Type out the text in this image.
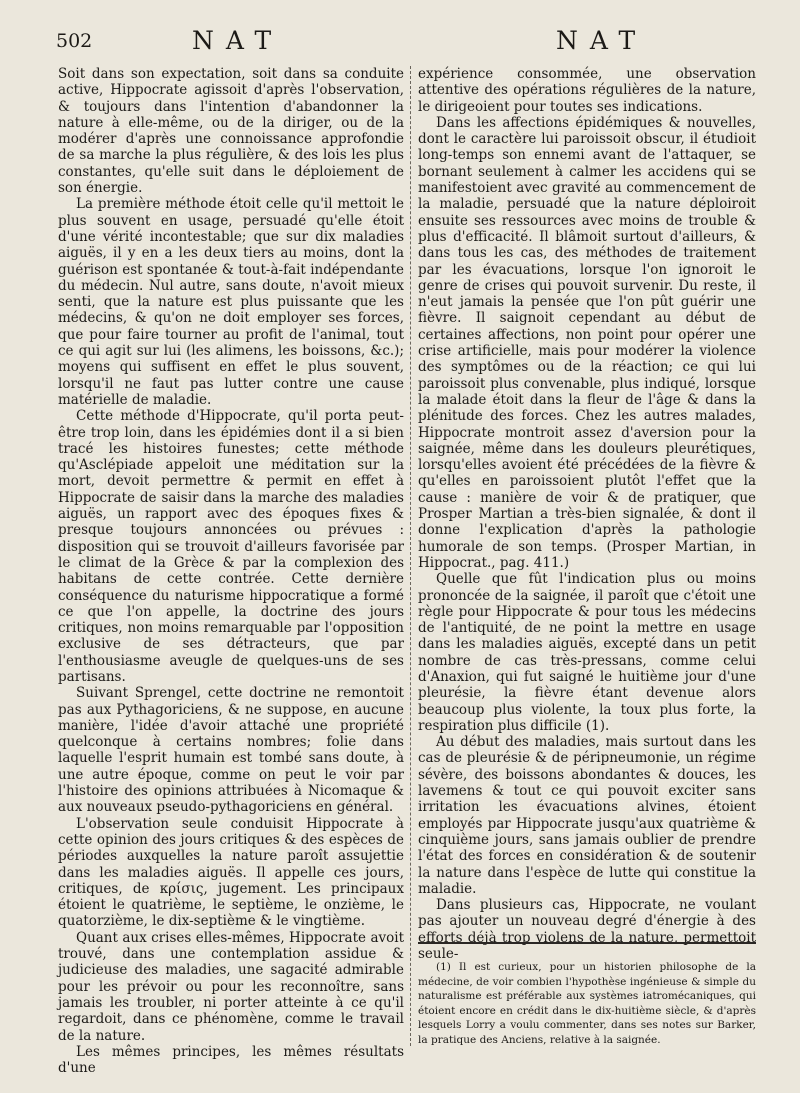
502	NAT	NAT

Soit dans son expectation, soit dans sa conduite active, Hippocrate agissoit d'après l'observation, & toujours dans l'intention d'abandonner la nature à elle-même, ou de la diriger, ou de la modérer d'après une connoissance approfondie de sa marche la plus régulière, & des lois les plus constantes, qu'elle suit dans le déploiement de son énergie.

La première méthode étoit celle qu'il mettoit le plus souvent en usage, persuadé qu'elle étoit d'une vérité incontestable; que sur dix maladies aiguës, il y en a les deux tiers au moins, dont la guérison est spontanée & tout-à-fait indépendante du médecin. Nul autre, sans doute, n'avoit mieux senti, que la nature est plus puissante que les médecins, & qu'on ne doit employer ses forces, que pour faire tourner au profit de l'animal, tout ce qui agit sur lui (les alimens, les boissons, &c.); moyens qui suffisent en effet le plus souvent, lorsqu'il ne faut pas lutter contre une cause matérielle de maladie.

Cette méthode d'Hippocrate, qu'il porta peut-être trop loin, dans les épidémies dont il a si bien tracé les histoires funestes; cette méthode qu'Asclépiade appeloit une méditation sur la mort, devoit permettre & permit en effet à Hippocrate de saisir dans la marche des maladies aiguës, un rapport avec des époques fixes & presque toujours annoncées ou prévues : disposition qui se trouvoit d'ailleurs favorisée par le climat de la Grèce & par la complexion des habitans de cette contrée. Cette dernière conséquence du naturisme hippocratique a formé ce que l'on appelle, la doctrine des jours critiques, non moins remarquable par l'opposition exclusive de ses détracteurs, que par l'enthousiasme aveugle de quelques-uns de ses partisans.

Suivant Sprengel, cette doctrine ne remontoit pas aux Pythagoriciens, & ne suppose, en aucune manière, l'idée d'avoir attaché une propriété quelconque à certains nombres; folie dans laquelle l'esprit humain est tombé sans doute, à une autre époque, comme on peut le voir par l'histoire des opinions attribuées à Nicomaque & aux nouveaux pseudo-pythagoriciens en général.

L'observation seule conduisit Hippocrate à cette opinion des jours critiques & des espèces de périodes auxquelles la nature paroît assujettie dans les maladies aiguës. Il appelle ces jours, critiques, de κρίσις, jugement. Les principaux étoient le quatrième, le septième, le onzième, le quatorzième, le dix-septième & le vingtième.

Quant aux crises elles-mêmes, Hippocrate avoit trouvé, dans une contemplation assidue & judicieuse des maladies, une sagacité admirable pour les prévoir ou pour les reconnoître, sans jamais les troubler, ni porter atteinte à ce qu'il regardoit, dans ce phénomène, comme le travail de la nature.

Les mêmes principes, les mêmes résultats d'une

expérience consommée, une observation attentive des opérations régulières de la nature, le dirigeoient pour toutes ses indications.

Dans les affections épidémiques & nouvelles, dont le caractère lui paroissoit obscur, il étudioit long-temps son ennemi avant de l'attaquer, se bornant seulement à calmer les accidens qui se manifestoient avec gravité au commencement de la maladie, persuadé que la nature déploiroit ensuite ses ressources avec moins de trouble & plus d'efficacité. Il blâmoit surtout d'ailleurs, & dans tous les cas, des méthodes de traitement par les évacuations, lorsque l'on ignoroit le genre de crises qui pouvoit survenir. Du reste, il n'eut jamais la pensée que l'on pût guérir une fièvre. Il saignoit cependant au début de certaines affections, non point pour opérer une crise artificielle, mais pour modérer la violence des symptômes ou de la réaction; ce qui lui paroissoit plus convenable, plus indiqué, lorsque la malade étoit dans la fleur de l'âge & dans la plénitude des forces. Chez les autres malades, Hippocrate montroit assez d'aversion pour la saignée, même dans les douleurs pleurétiques, lorsqu'elles avoient été précédées de la fièvre & qu'elles en paroissoient plutôt l'effet que la cause : manière de voir & de pratiquer, que Prosper Martian a très-bien signalée, & dont il donne l'explication d'après la pathologie humorale de son temps. (Prosper Martian, in Hippocrat., pag. 411.)

Quelle que fût l'indication plus ou moins prononcée de la saignée, il paroît que c'étoit une règle pour Hippocrate & pour tous les médecins de l'antiquité, de ne point la mettre en usage dans les maladies aiguës, excepté dans un petit nombre de cas très-pressans, comme celui d'Anaxion, qui fut saigné le huitième jour d'une pleurésie, la fièvre étant devenue alors beaucoup plus violente, la toux plus forte, la respiration plus difficile (1).

Au début des maladies, mais surtout dans les cas de pleurésie & de péripneumonie, un régime sévère, des boissons abondantes & douces, les lavemens & tout ce qui pouvoit exciter sans irritation les évacuations alvines, étoient employés par Hippocrate jusqu'aux quatrième & cinquième jours, sans jamais oublier de prendre l'état des forces en considération & de soutenir la nature dans l'espèce de lutte qui constitue la maladie.

Dans plusieurs cas, Hippocrate, ne voulant pas ajouter un nouveau degré d'énergie à des efforts déjà trop violens de la nature, permettoit seule-

(1) Il est curieux, pour un historien philosophe de la médecine, de voir combien l'hypothèse ingénieuse & simple du naturalisme est préférable aux systèmes iatromécaniques, qui étoient encore en crédit dans le dix-huitième siècle, & d'après lesquels Lorry a voulu commenter, dans ses notes sur Barker, la pratique des Anciens, relative à la saignée.
